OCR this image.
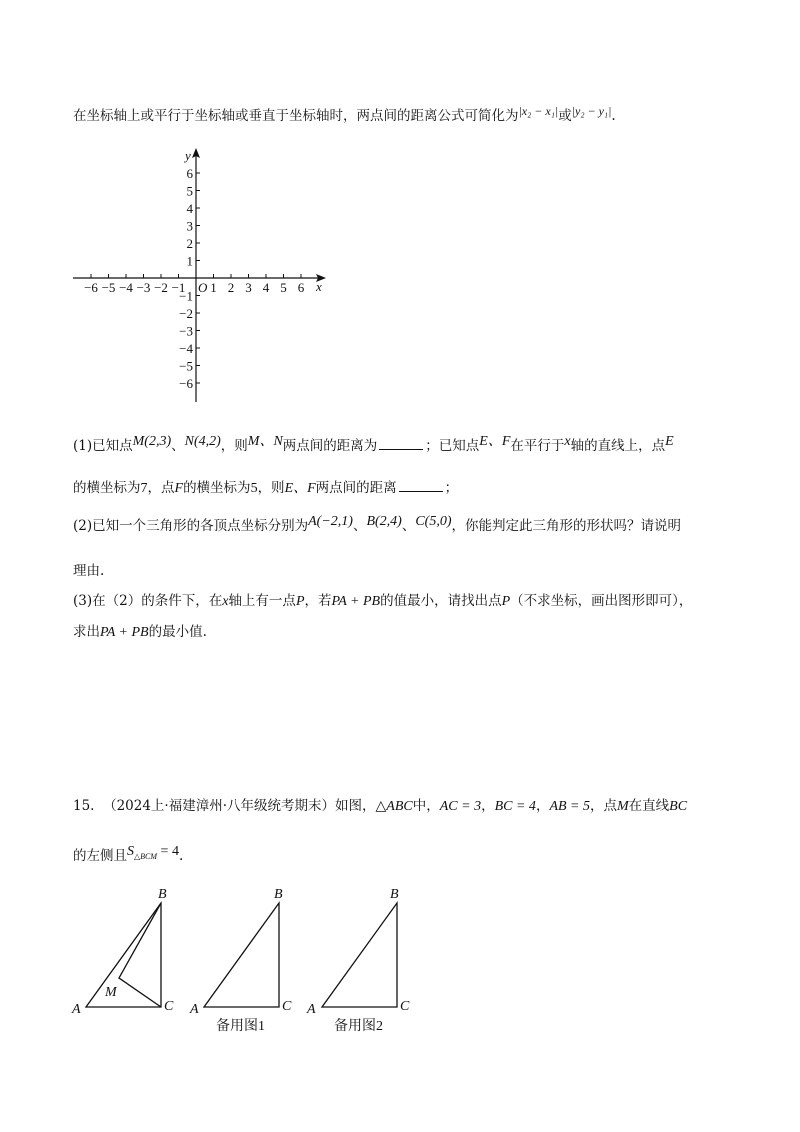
在坐标轴上或平行于坐标轴或垂直于坐标轴时，两点间的距离公式可简化为|x₂ − x₁|或|y₂ − y₁|.
−6 −5 −4 −3 −2 −1 1 2 3 4 5 6
6
5
4
3
2
1
−1
−2
−3
−4
−5
−6
O	x
y
(1)已知点M(2,3)、N(4,2)，则M、N两点间的距离为	；已知点E、F在平行于x轴的直线上，点E
的横坐标为7，点F的横坐标为5，则E、F两点间的距离	；
(2)已知一个三角形的各顶点坐标分别为A(−2,1)、B(2,4)、C(5,0)，你能判定此三角形的形状吗？请说明
理由.
(3)在（2）的条件下，在x轴上有一点P，若PA + PB的值最小，请找出点P（不求坐标，画出图形即可），
求出PA + PB的最小值.
15. （2024上·福建漳州·八年级统考期末）如图，△ABC中，AC = 3，BC = 4，AB = 5，点M在直线BC
的左侧且$S_{\triangle BCM} = 4$.
B
A	C
M
B
A	C
B
A	C
备用图1	备用图2
